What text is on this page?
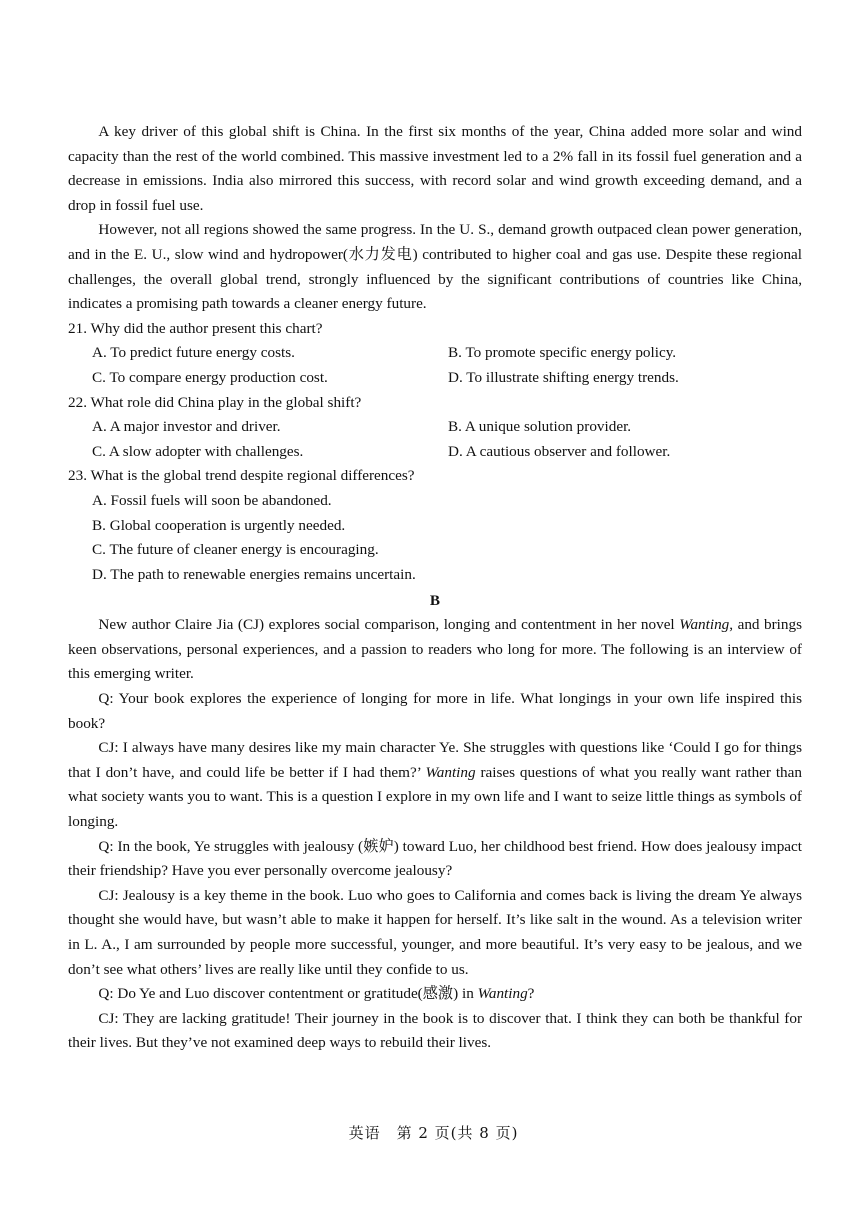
A key driver of this global shift is China. In the first six months of the year, China added more solar and wind capacity than the rest of the world combined. This massive investment led to a 2% fall in its fossil fuel generation and a decrease in emissions. India also mirrored this success, with record solar and wind growth exceeding demand, and a drop in fossil fuel use.

However, not all regions showed the same progress. In the U. S., demand growth outpaced clean power generation, and in the E. U., slow wind and hydropower(水力发电) contributed to higher coal and gas use. Despite these regional challenges, the overall global trend, strongly influenced by the significant contributions of countries like China, indicates a promising path towards a cleaner energy future.

21. Why did the author present this chart?
A. To predict future energy costs.	B. To promote specific energy policy.
C. To compare energy production cost.	D. To illustrate shifting energy trends.
22. What role did China play in the global shift?
A. A major investor and driver.	B. A unique solution provider.
C. A slow adopter with challenges.	D. A cautious observer and follower.
23. What is the global trend despite regional differences?
A. Fossil fuels will soon be abandoned.
B. Global cooperation is urgently needed.
C. The future of cleaner energy is encouraging.
D. The path to renewable energies remains uncertain.
B

New author Claire Jia (CJ) explores social comparison, longing and contentment in her novel Wanting, and brings keen observations, personal experiences, and a passion to readers who long for more. The following is an interview of this emerging writer.

Q: Your book explores the experience of longing for more in life. What longings in your own life inspired this book?

CJ: I always have many desires like my main character Ye. She struggles with questions like ‘Could I go for things that I don’t have, and could life be better if I had them?’ Wanting raises questions of what you really want rather than what society wants you to want. This is a question I explore in my own life and I want to seize little things as symbols of longing.

Q: In the book, Ye struggles with jealousy (嫉妒) toward Luo, her childhood best friend. How does jealousy impact their friendship? Have you ever personally overcome jealousy?

CJ: Jealousy is a key theme in the book. Luo who goes to California and comes back is living the dream Ye always thought she would have, but wasn’t able to make it happen for herself. It’s like salt in the wound. As a television writer in L. A., I am surrounded by people more successful, younger, and more beautiful. It’s very easy to be jealous, and we don’t see what others’ lives are really like until they confide to us.

Q: Do Ye and Luo discover contentment or gratitude(感激) in Wanting?

CJ: They are lacking gratitude! Their journey in the book is to discover that. I think they can both be thankful for their lives. But they’ve not examined deep ways to rebuild their lives.

英语　第 2 页(共 8 页)
